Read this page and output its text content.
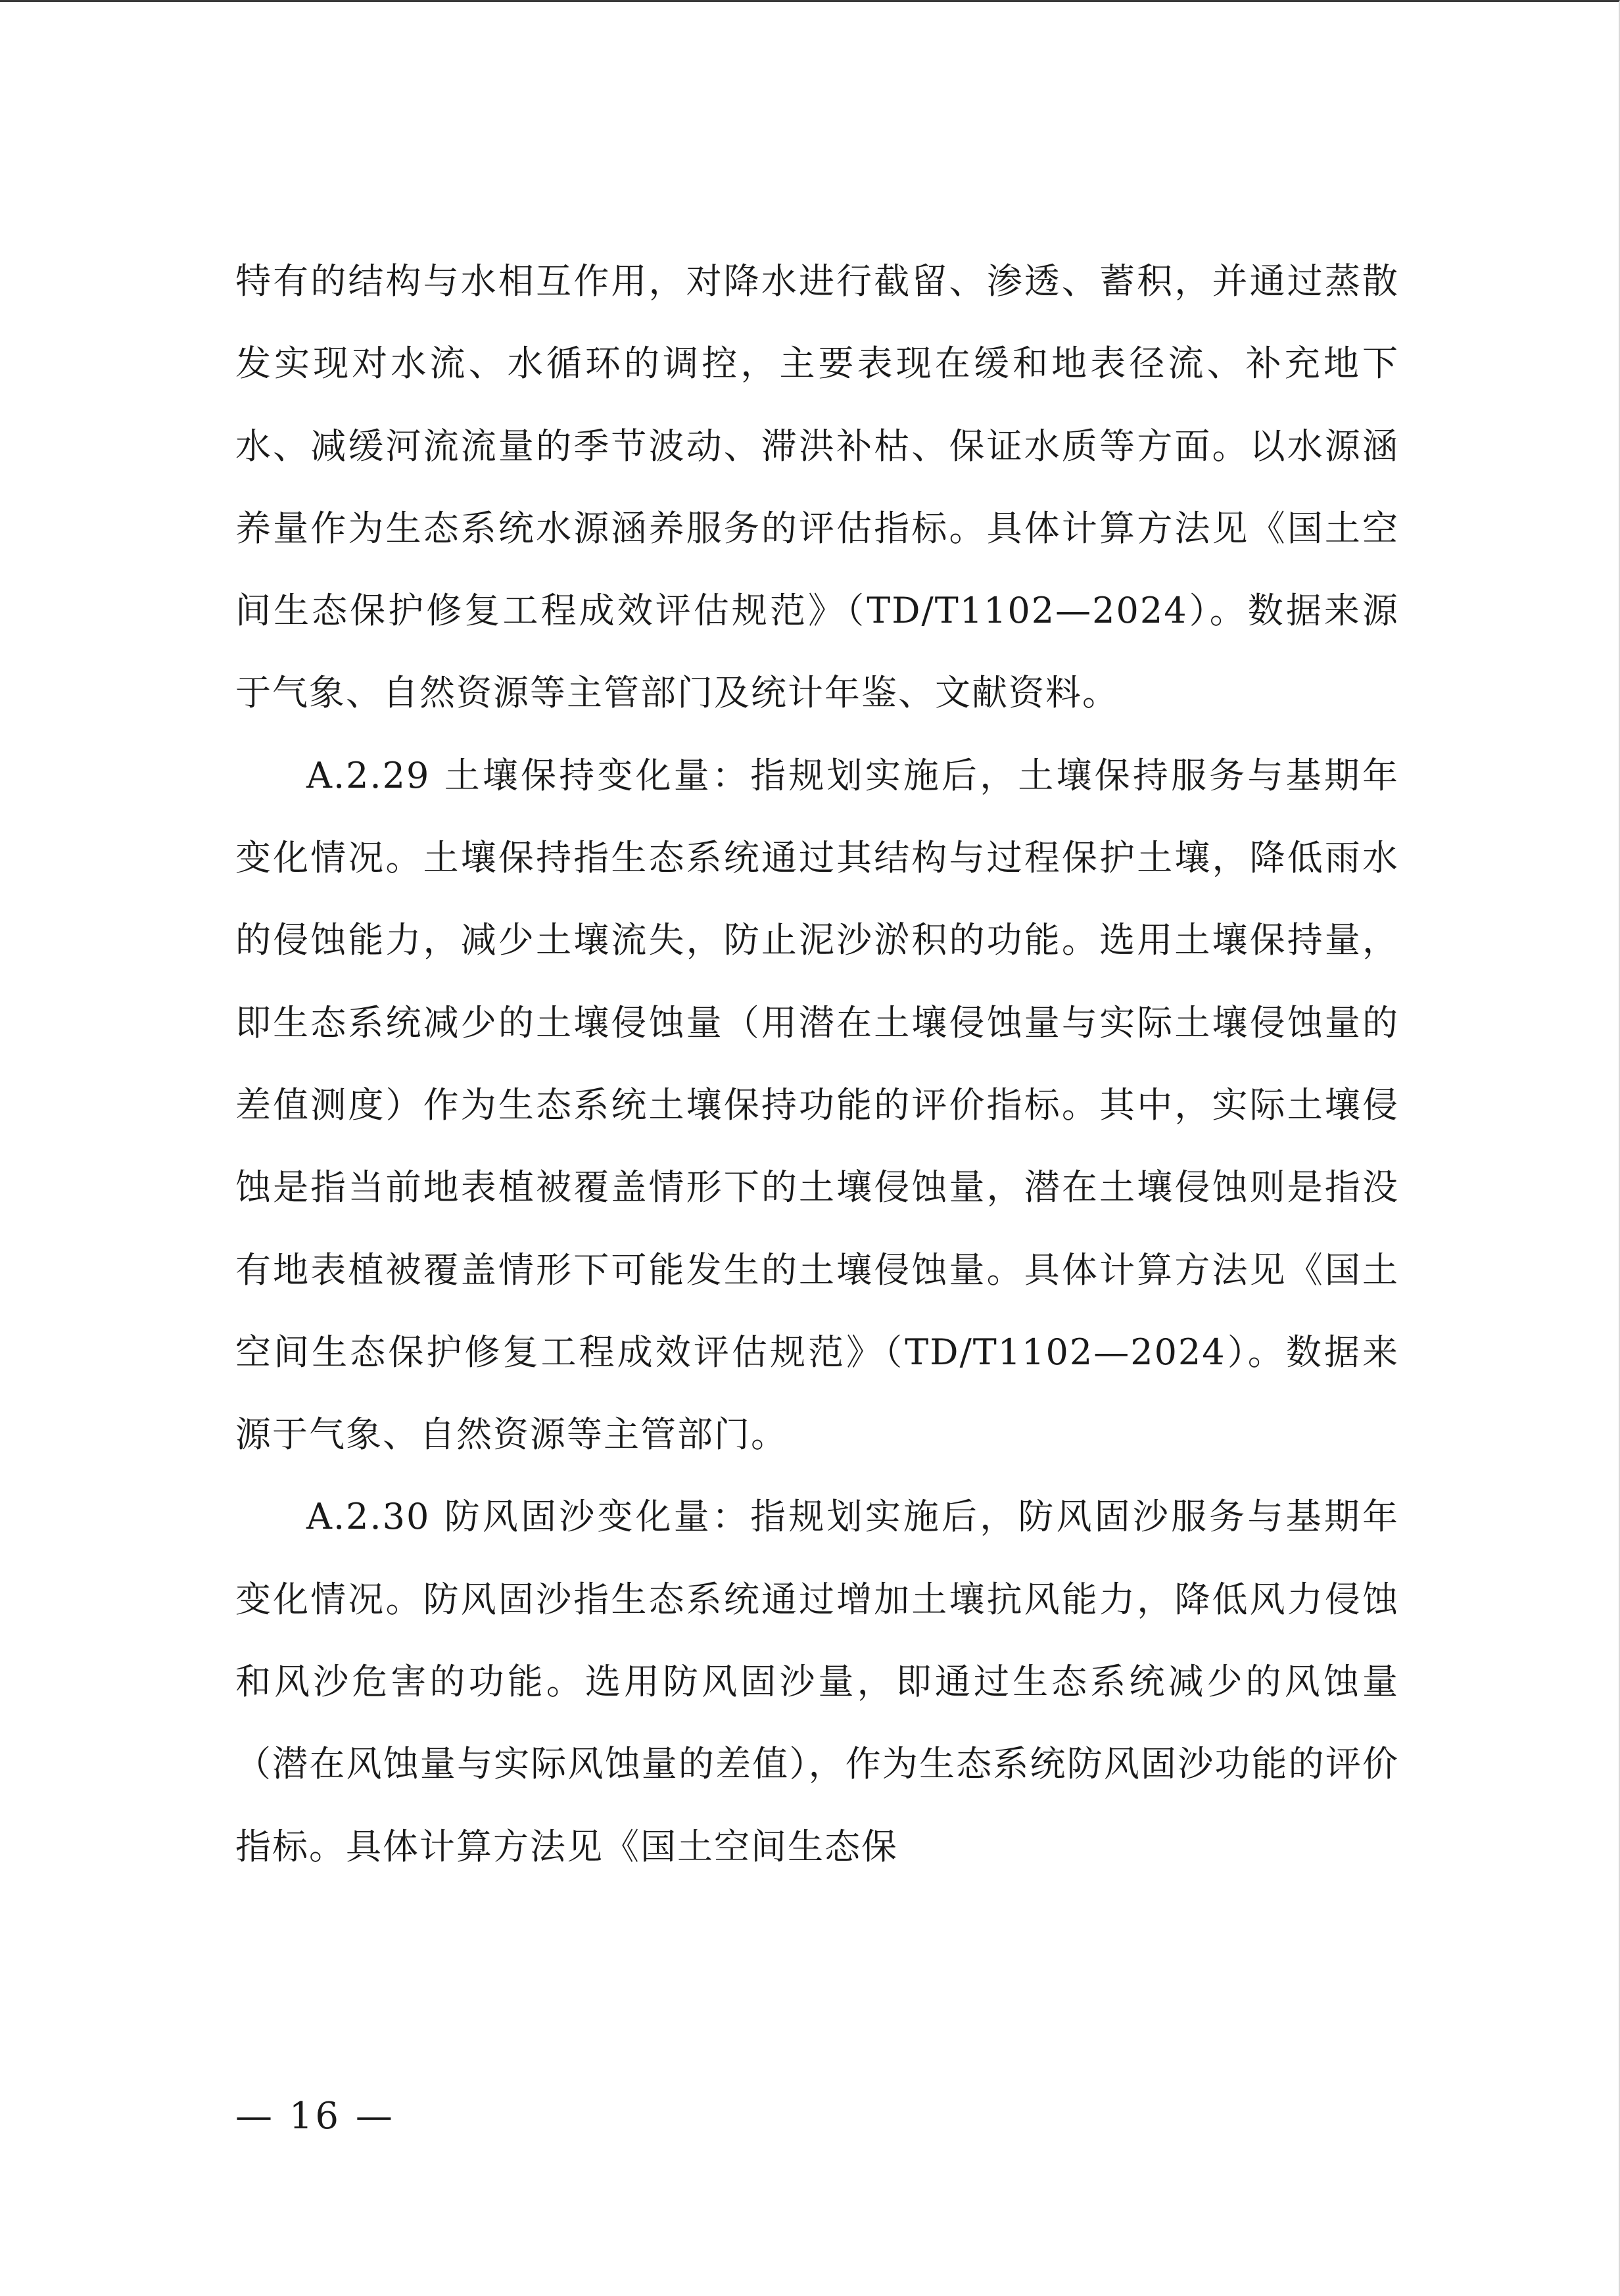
特有的结构与水相互作用，对降水进行截留、渗透、蓄积，并通过蒸散发实现对水流、水循环的调控，主要表现在缓和地表径流、补充地下水、减缓河流流量的季节波动、滞洪补枯、保证水质等方面。以水源涵养量作为生态系统水源涵养服务的评估指标。具体计算方法见《国土空间生态保护修复工程成效评估规范》（TD/T1102—2024）。数据来源于气象、自然资源等主管部门及统计年鉴、文献资料。

A.2.29 土壤保持变化量：指规划实施后，土壤保持服务与基期年变化情况。土壤保持指生态系统通过其结构与过程保护土壤，降低雨水的侵蚀能力，减少土壤流失，防止泥沙淤积的功能。选用土壤保持量，即生态系统减少的土壤侵蚀量（用潜在土壤侵蚀量与实际土壤侵蚀量的差值测度）作为生态系统土壤保持功能的评价指标。其中，实际土壤侵蚀是指当前地表植被覆盖情形下的土壤侵蚀量，潜在土壤侵蚀则是指没有地表植被覆盖情形下可能发生的土壤侵蚀量。具体计算方法见《国土空间生态保护修复工程成效评估规范》（TD/T1102—2024）。数据来源于气象、自然资源等主管部门。

A.2.30 防风固沙变化量：指规划实施后，防风固沙服务与基期年变化情况。防风固沙指生态系统通过增加土壤抗风能力，降低风力侵蚀和风沙危害的功能。选用防风固沙量，即通过生态系统减少的风蚀量（潜在风蚀量与实际风蚀量的差值），作为生态系统防风固沙功能的评价指标。具体计算方法见《国土空间生态保

— 16 —
